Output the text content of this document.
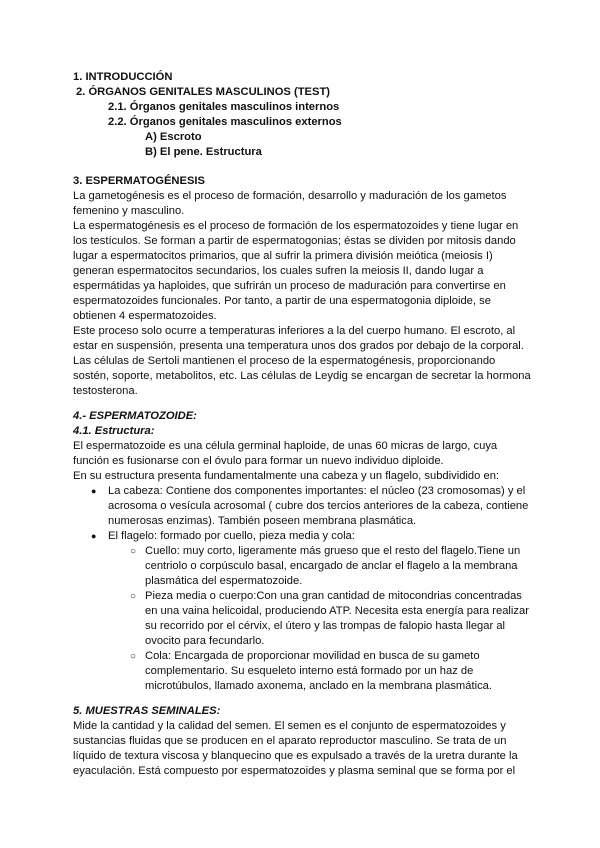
1. INTRODUCCIÓN
2. ÓRGANOS GENITALES MASCULINOS (TEST)
2.1. Órganos genitales masculinos internos
2.2. Órganos genitales masculinos externos
A) Escroto
B) El pene. Estructura
3. ESPERMATOGÉNESIS
La gametogénesis es el proceso de formación, desarrollo y maduración de los gametos
femenino y masculino.
La espermatogénesis es el proceso de formación de los espermatozoides y tiene lugar en
los testículos. Se forman a partir de espermatogonias; éstas se dividen por mitosis dando
lugar a espermatocitos primarios, que al sufrir la primera división meiótica (meiosis I)
generan espermatocitos secundarios, los cuales sufren la meiosis II, dando lugar a
espermátidas ya haploides, que sufrirán un proceso de maduración para convertirse en
espermatozoides funcionales. Por tanto, a partir de una espermatogonia diploide, se
obtienen 4 espermatozoides.
Este proceso solo ocurre a temperaturas inferiores a la del cuerpo humano. El escroto, al
estar en suspensión, presenta una temperatura unos dos grados por debajo de la corporal.
Las células de Sertoli mantienen el proceso de la espermatogénesis, proporcionando
sostén, soporte, metabolitos, etc. Las células de Leydig se encargan de secretar la hormona
testosterona.
4.- ESPERMATOZOIDE:
4.1. Estructura:
El espermatozoide es una célula germinal haploide, de unas 60 micras de largo, cuya
función es fusionarse con el óvulo para formar un nuevo individuo diploide.
En su estructura presenta fundamentalmente una cabeza y un flagelo, subdividido en:
● La cabeza: Contiene dos componentes importantes: el núcleo (23 cromosomas) y el
acrosoma o vesícula acrosomal ( cubre dos tercios anteriores de la cabeza, contiene
numerosas enzimas). También poseen membrana plasmática.
● El flagelo: formado por cuello, pieza media y cola:
○ Cuello: muy corto, ligeramente más grueso que el resto del flagelo.Tiene un
centriolo o corpúsculo basal, encargado de anclar el flagelo a la membrana
plasmática del espermatozoide.
○ Pieza media o cuerpo:Con una gran cantidad de mitocondrias concentradas
en una vaina helicoidal, produciendo ATP. Necesita esta energía para realizar
su recorrido por el cérvix, el útero y las trompas de falopio hasta llegar al
ovocito para fecundarlo.
○ Cola: Encargada de proporcionar movilidad en busca de su gameto
complementario. Su esqueleto interno está formado por un haz de
microtúbulos, llamado axonema, anclado en la membrana plasmática.
5. MUESTRAS SEMINALES:
Mide la cantidad y la calidad del semen. El semen es el conjunto de espermatozoides y
sustancias fluidas que se producen en el aparato reproductor masculino. Se trata de un
líquido de textura viscosa y blanquecino que es expulsado a través de la uretra durante la
eyaculación. Está compuesto por espermatozoides y plasma seminal que se forma por el
